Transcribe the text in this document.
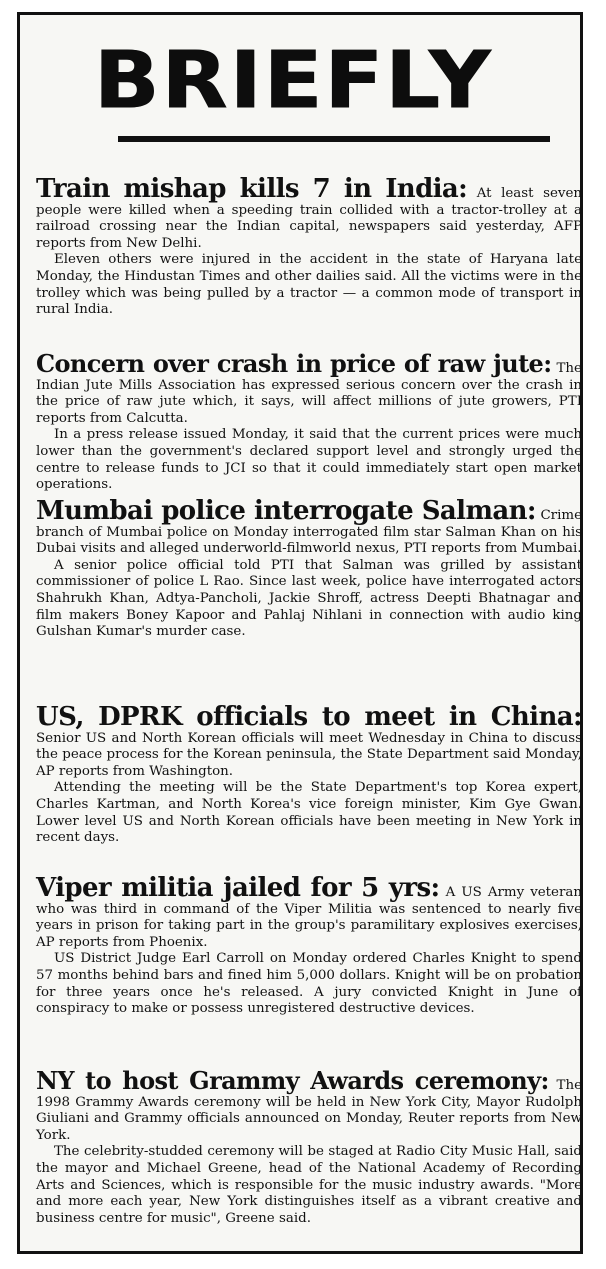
BRIEFLY

Train mishap kills 7 in India: At least seven people were killed when a speeding train collided with a tractor-trolley at a railroad crossing near the Indian capital, newspapers said yesterday, AFP reports from New Delhi.

Eleven others were injured in the accident in the state of Haryana late Monday, the Hindustan Times and other dailies said. All the victims were in the trolley which was being pulled by a tractor — a common mode of transport in rural India.

Concern over crash in price of raw jute: The Indian Jute Mills Association has expressed serious concern over the crash in the price of raw jute which, it says, will affect millions of jute growers, PTI reports from Calcutta.

In a press release issued Monday, it said that the current prices were much lower than the government's declared support level and strongly urged the centre to release funds to JCI so that it could immediately start open market operations.

Mumbai police interrogate Salman: Crime branch of Mumbai police on Monday interrogated film star Salman Khan on his Dubai visits and alleged underworld-filmworld nexus, PTI reports from Mumbai.

A senior police official told PTI that Salman was grilled by assistant commissioner of police L Rao. Since last week, police have interrogated actors Shahrukh Khan, Adtya-Pancholi, Jackie Shroff, actress Deepti Bhatnagar and film makers Boney Kapoor and Pahlaj Nihlani in connection with audio king Gulshan Kumar's murder case.

US, DPRK officials to meet in China: Senior US and North Korean officials will meet Wednesday in China to discuss the peace process for the Korean peninsula, the State Department said Monday, AP reports from Washington.

Attending the meeting will be the State Department's top Korea expert, Charles Kartman, and North Korea's vice foreign minister, Kim Gye Gwan. Lower level US and North Korean officials have been meeting in New York in recent days.

Viper militia jailed for 5 yrs: A US Army veteran who was third in command of the Viper Militia was sentenced to nearly five years in prison for taking part in the group's paramilitary explosives exercises, AP reports from Phoenix.

US District Judge Earl Carroll on Monday ordered Charles Knight to spend 57 months behind bars and fined him 5,000 dollars. Knight will be on probation for three years once he's released. A jury convicted Knight in June of conspiracy to make or possess unregistered destructive devices.

NY to host Grammy Awards ceremony: The 1998 Grammy Awards ceremony will be held in New York City, Mayor Rudolph Giuliani and Grammy officials announced on Monday, Reuter reports from New York.

The celebrity-studded ceremony will be staged at Radio City Music Hall, said the mayor and Michael Greene, head of the National Academy of Recording Arts and Sciences, which is responsible for the music industry awards. "More and more each year, New York distinguishes itself as a vibrant creative and business centre for music", Greene said.
